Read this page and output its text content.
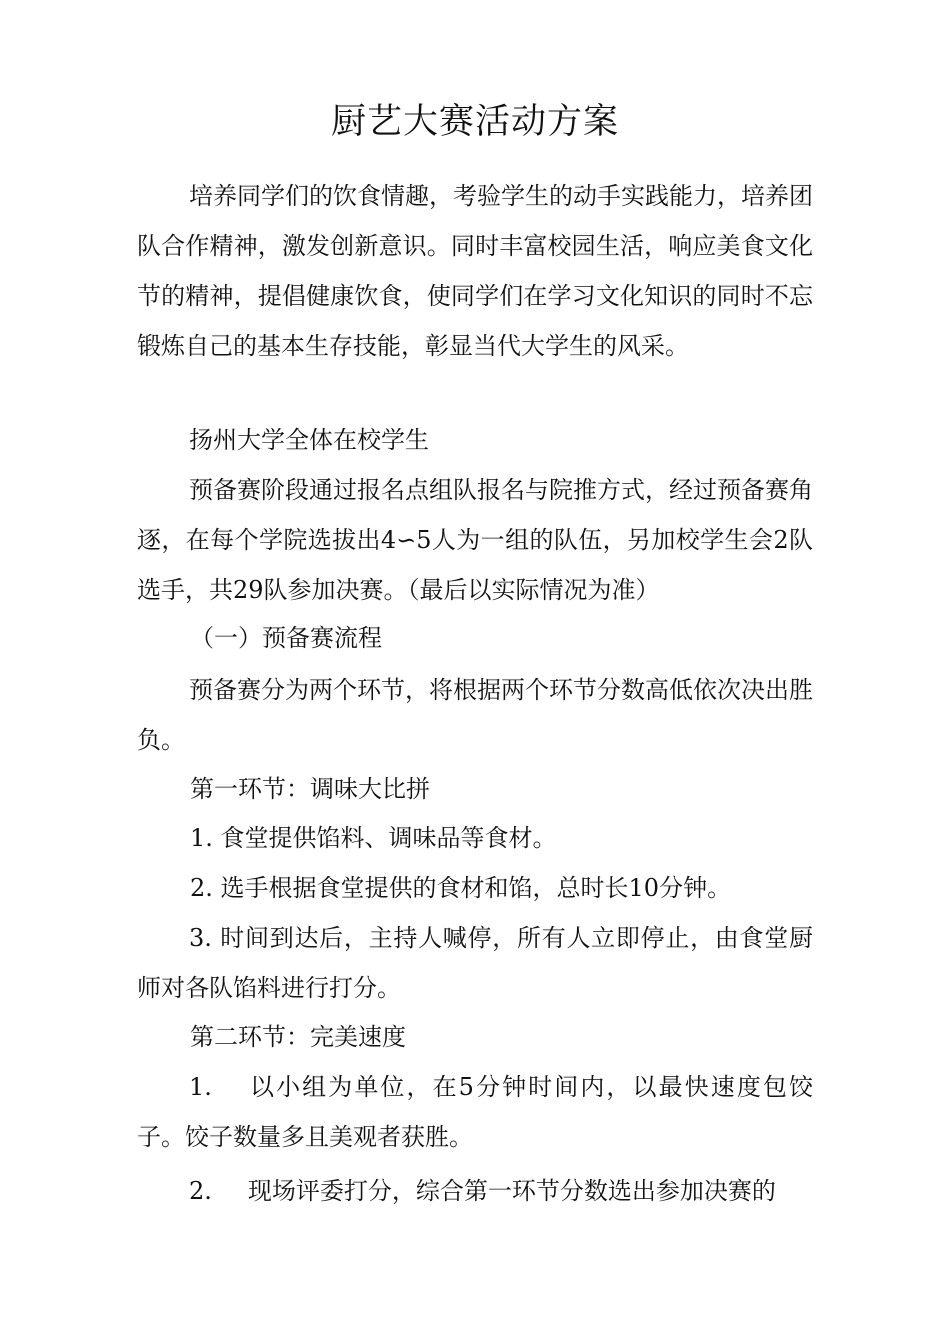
厨艺大赛活动方案

培养同学们的饮食情趣，考验学生的动手实践能力，培养团队合作精神，激发创新意识。同时丰富校园生活，响应美食文化节的精神，提倡健康饮食，使同学们在学习文化知识的同时不忘锻炼自己的基本生存技能，彰显当代大学生的风采。

扬州大学全体在校学生

预备赛阶段通过报名点组队报名与院推方式，经过预备赛角逐，在每个学院选拔出4∽5人为一组的队伍，另加校学生会2队选手，共29队参加决赛。（最后以实际情况为准）

（一）预备赛流程

预备赛分为两个环节，将根据两个环节分数高低依次决出胜负。

第一环节：调味大比拼
1. 食堂提供馅料、调味品等食材。
2. 选手根据食堂提供的食材和馅，总时长10分钟。

3. 时间到达后，主持人喊停，所有人立即停止，由食堂厨师对各队馅料进行打分。

第二环节：完美速度

1. 以小组为单位，在5分钟时间内，以最快速度包饺子。饺子数量多且美观者获胜。

2. 现场评委打分，综合第一环节分数选出参加决赛的
